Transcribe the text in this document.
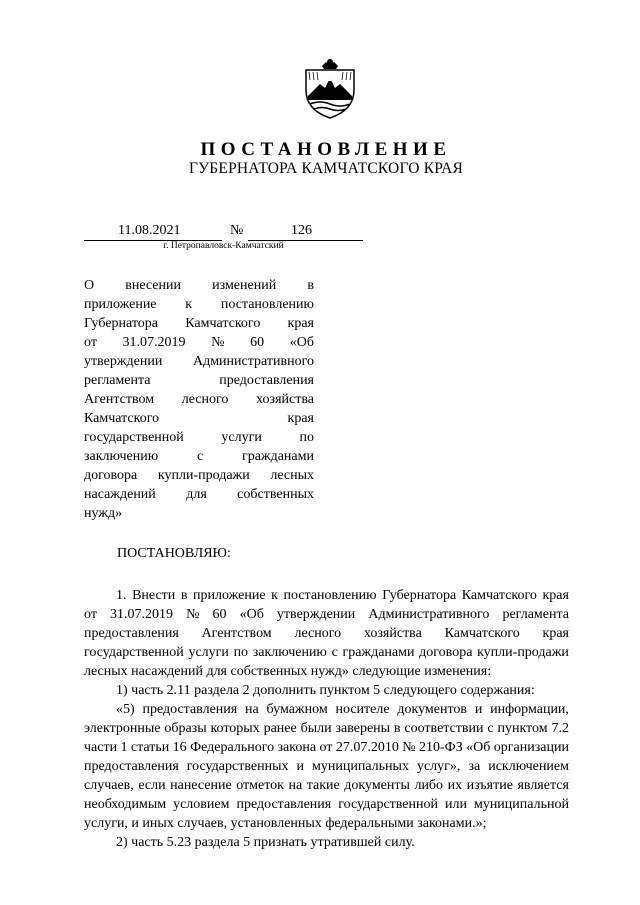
ПОСТАНОВЛЕНИЕ
ГУБЕРНАТОРА КАМЧАТСКОГО КРАЯ
11.08.2021	№	126
г. Петропавловск-Камчатский
О внесении изменений в
приложение к постановлению
Губернатора Камчатского края
от 31.07.2019 № 60 «Об
утверждении Административного
регламента	предоставления
Агентством лесного хозяйства
Камчатского	края
государственной	услуги	по
заключению	с	гражданами
договора купли-продажи лесных
насаждений для собственных
нужд»
ПОСТАНОВЛЯЮ:
1. Внести в приложение к постановлению Губернатора Камчатского края
от 31.07.2019 № 60 «Об утверждении Административного регламента
предоставления Агентством лесного хозяйства Камчатского края
государственной услуги по заключению с гражданами договора купли-продажи
лесных насаждений для собственных нужд» следующие изменения:
1) часть 2.11 раздела 2 дополнить пунктом 5 следующего содержания:
«5) предоставления на бумажном носителе документов и информации,
электронные образы которых ранее были заверены в соответствии с пунктом 7.2
части 1 статьи 16 Федерального закона от 27.07.2010 № 210-ФЗ «Об организации
предоставления государственных и муниципальных услуг», за исключением
случаев, если нанесение отметок на такие документы либо их изъятие является
необходимым условием предоставления государственной или муниципальной
услуги, и иных случаев, установленных федеральными законами.»;
2) часть 5.23 раздела 5 признать утратившей силу.
